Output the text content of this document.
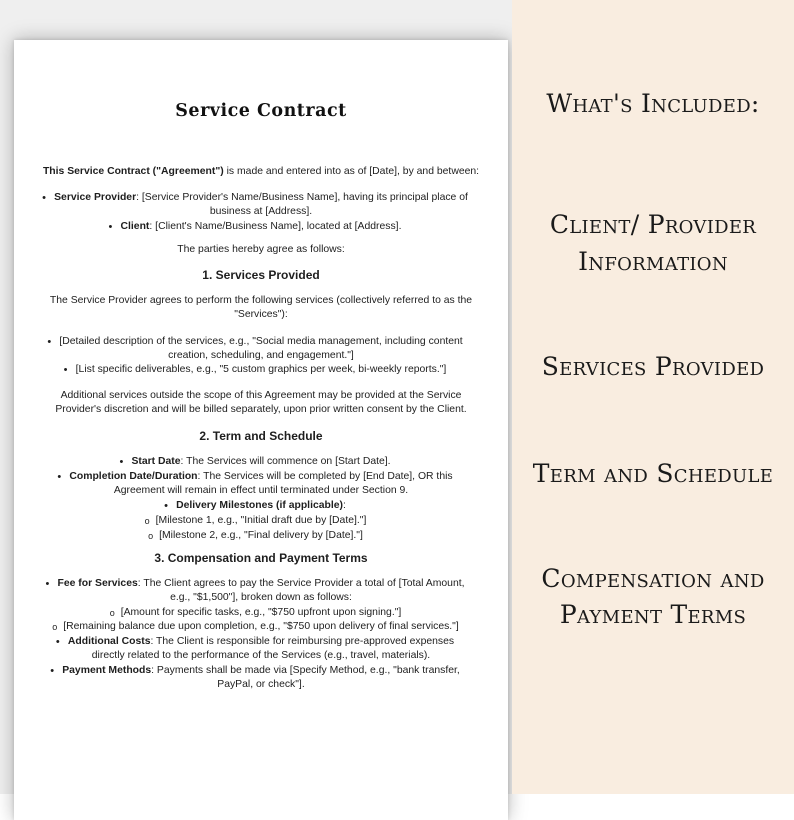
Service Contract
This Service Contract ("Agreement") is made and entered into as of [Date], by and between:
• Service Provider: [Service Provider's Name/Business Name], having its principal place of
business at [Address].
• Client: [Client's Name/Business Name], located at [Address].
The parties hereby agree as follows:
1. Services Provided
The Service Provider agrees to perform the following services (collectively referred to as the
"Services"):
• [Detailed description of the services, e.g., "Social media management, including content
creation, scheduling, and engagement."]
• [List specific deliverables, e.g., "5 custom graphics per week, bi-weekly reports."]
Additional services outside the scope of this Agreement may be provided at the Service
Provider's discretion and will be billed separately, upon prior written consent by the Client.
2. Term and Schedule
• Start Date: The Services will commence on [Start Date].
• Completion Date/Duration: The Services will be completed by [End Date], OR this
Agreement will remain in effect until terminated under Section 9.
• Delivery Milestones (if applicable):
o [Milestone 1, e.g., "Initial draft due by [Date]."]
o [Milestone 2, e.g., "Final delivery by [Date]."]
3. Compensation and Payment Terms
• Fee for Services: The Client agrees to pay the Service Provider a total of [Total Amount,
e.g., "$1,500"], broken down as follows:
o [Amount for specific tasks, e.g., "$750 upfront upon signing."]
o [Remaining balance due upon completion, e.g., "$750 upon delivery of final services."]
• Additional Costs: The Client is responsible for reimbursing pre-approved expenses
directly related to the performance of the Services (e.g., travel, materials).
• Payment Methods: Payments shall be made via [Specify Method, e.g., "bank transfer,
PayPal, or check"].
What's Included:
Client/ Provider
Information
Services Provided
Term and Schedule
Compensation and
Payment Terms
